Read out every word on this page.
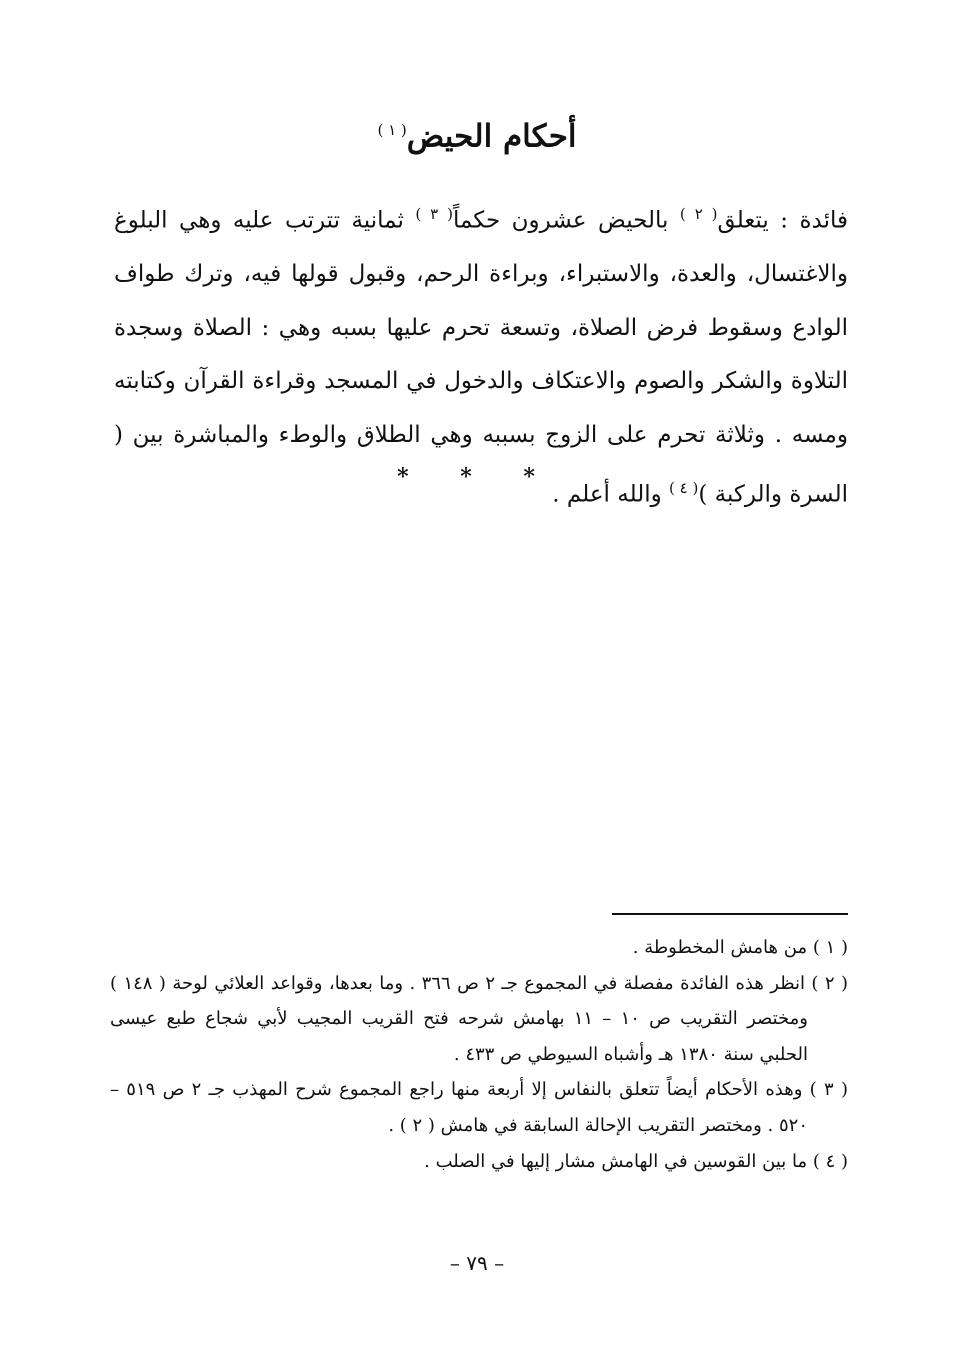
أحكام الحيض$^{( ١ )}$
فائدة : يتعلق$^{( ٢ )}$ بالحيض عشرون حكماً$^{( ٣ )}$ ثمانية تترتب عليه وهي البلوغ والاغتسال، والعدة، والاستبراء، وبراءة الرحم، وقبول قولها فيه، وترك طواف الوادع وسقوط فرض الصلاة، وتسعة تحرم عليها بسبه وهي : الصلاة وسجدة التلاوة والشكر والصوم والاعتكاف والدخول في المسجد وقراءة القرآن وكتابته ومسه . وثلاثة تحرم على الزوج بسببه وهي الطلاق والوطء والمباشرة بين ( السرة والركبة )$^{( ٤ )}$ والله أعلم .
* * *
( ١ ) من هامش المخطوطة .
( ٢ ) انظر هذه الفائدة مفصلة في المجموع جـ ٢ ص ٣٦٦ . وما بعدها، وقواعد العلائي لوحة ( ١٤٨ ) ومختصر التقريب ص ١٠ – ١١ بهامش شرحه فتح القريب المجيب لأبي شجاع طبع عيسى الحلبي سنة ١٣٨٠ هـ وأشباه السيوطي ص ٤٣٣ .
( ٣ ) وهذه الأحكام أيضاً تتعلق بالنفاس إلا أربعة منها راجع المجموع شرح المهذب جـ ٢ ص ٥١٩ – ٥٢٠ . ومختصر التقريب الإحالة السابقة في هامش ( ٢ ) .
( ٤ ) ما بين القوسين في الهامش مشار إليها في الصلب .
– ٧٩ –
